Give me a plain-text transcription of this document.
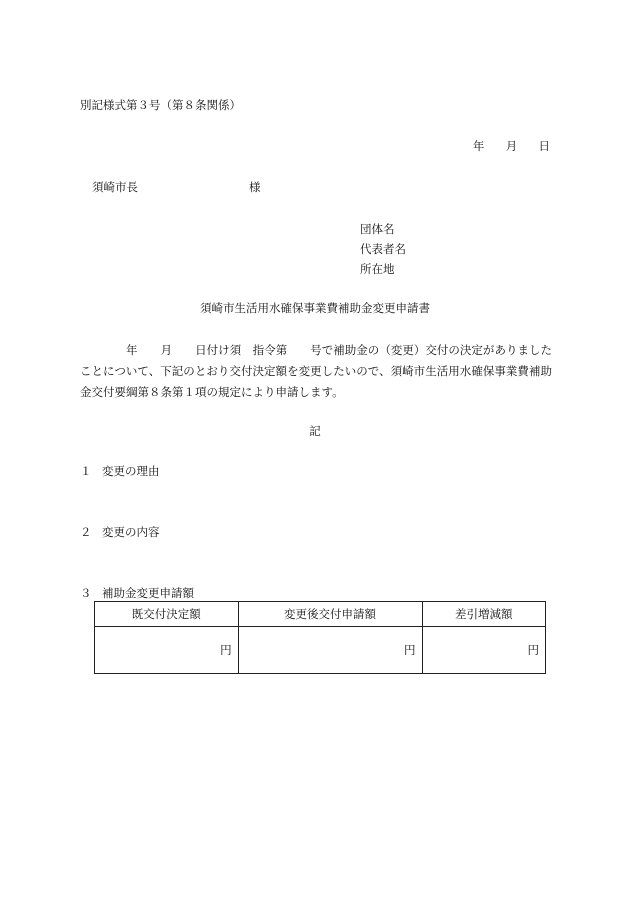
別記様式第３号（第８条関係）
年 月 日
須崎市長	様
団体名
代表者名
所在地
須崎市生活用水確保事業費補助金変更申請書
　　　　年　　月　　日付け須　指令第　　号で補助金の（変更）交付の決定がありましたことについて、下記のとおり交付決定額を変更したいので、須崎市生活用水確保事業費補助金交付要綱第８条第１項の規定により申請します。
記
１ 変更の理由
２ 変更の内容
３ 補助金変更申請額
既交付決定額	変更後交付申請額	差引増減額
円	円	円
